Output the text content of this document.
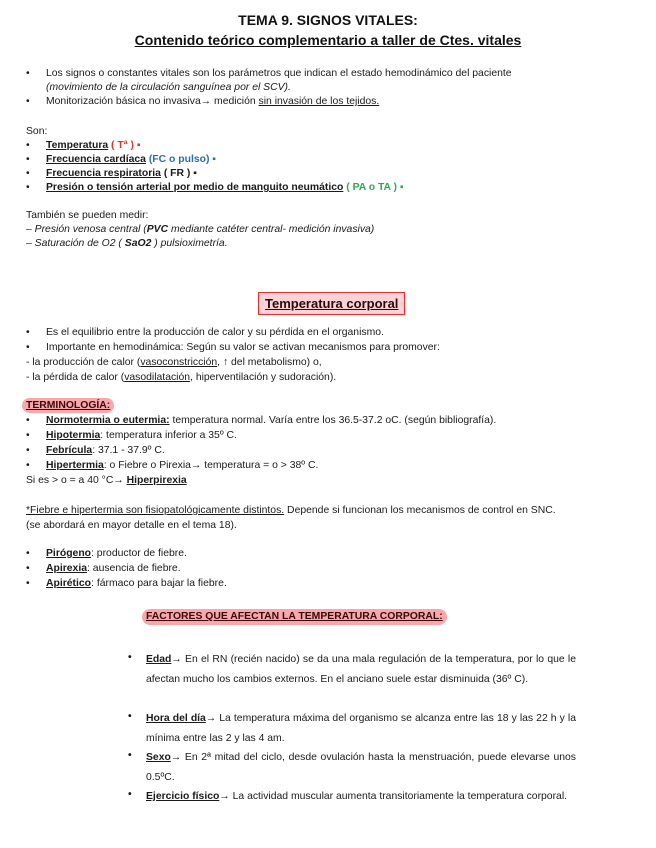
TEMA 9. SIGNOS VITALES:
Contenido teórico complementario a taller de Ctes. vitales
Los signos o constantes vitales son los parámetros que indican el estado hemodinámico del paciente
(movimiento de la circulación sanguínea por el SCV).
Monitorización básica no invasiva→ medición sin invasión de los tejidos.
Son:
Temperatura ( Tª ) ▪
Frecuencia cardíaca (FC o pulso) ▪
Frecuencia respiratoria ( FR ) ▪
Presión o tensión arterial por medio de manguito neumático ( PA o TA ) ▪
También se pueden medir:
– Presión venosa central (PVC mediante catéter central- medición invasiva)
– Saturación de O2 ( SaO2 ) pulsioximetría.
Temperatura corporal
Es el equilibrio entre la producción de calor y su pérdida en el organismo.
Importante en hemodinámica: Según su valor se activan mecanismos para promover:
- la producción de calor (vasoconstricción, ↑ del metabolismo) o,
- la pérdida de calor (vasodilatación, hiperventilación y sudoración).
TERMINOLOGÍA:
Normotermia o eutermia: temperatura normal. Varía entre los 36.5-37.2 oC. (según bibliografía).
Hipotermia: temperatura inferior a 35º C.
Febrícula: 37.1 - 37.9º C.
Hipertermia: o Fiebre o Pirexia→ temperatura = o > 38º C.
Si es > o = a 40 °C→ Hiperpirexia
*Fiebre e hipertermia son fisiopatológicamente distintos. Depende si funcionan los mecanismos de control en SNC.
(se abordará en mayor detalle en el tema 18).
Pirógeno: productor de fiebre.
Apirexia: ausencia de fiebre.
Apirético: fármaco para bajar la fiebre.
FACTORES QUE AFECTAN LA TEMPERATURA CORPORAL:
Edad→ En el RN (recién nacido) se da una mala regulación de la temperatura, por lo que le afectan mucho los cambios externos. En el anciano suele estar disminuida (36º C).
Hora del día→ La temperatura máxima del organismo se alcanza entre las 18 y las 22 h y la mínima entre las 2 y las 4 am.
Sexo→ En 2ª mitad del ciclo, desde ovulación hasta la menstruación, puede elevarse unos 0.5ºC.
Ejercicio físico→ La actividad muscular aumenta transitoriamente la temperatura corporal.
